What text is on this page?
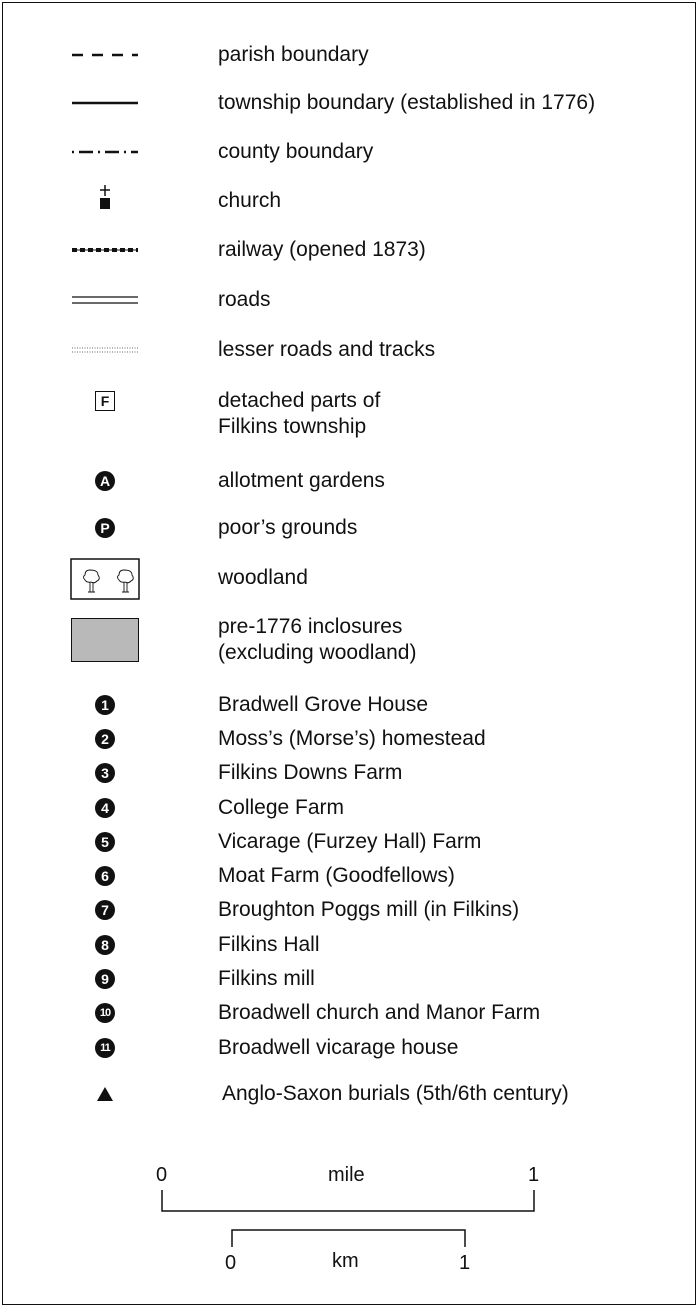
parish boundary
township boundary (established in 1776)
county boundary
church
railway (opened 1873)
roads
lesser roads and tracks
F	detached parts of
Filkins township
A	allotment gardens
P	poor’s grounds
woodland
pre-1776 inclosures
(excluding woodland)
1	Bradwell Grove House
2	Moss’s (Morse’s) homestead
3	Filkins Downs Farm
4	College Farm
5	Vicarage (Furzey Hall) Farm
6	Moat Farm (Goodfellows)
7	Broughton Poggs mill (in Filkins)
8	Filkins Hall
9	Filkins mill
10	Broadwell church and Manor Farm
11	Broadwell vicarage house
Anglo-Saxon burials (5th/6th century)
0	mile	1
0	km	1
